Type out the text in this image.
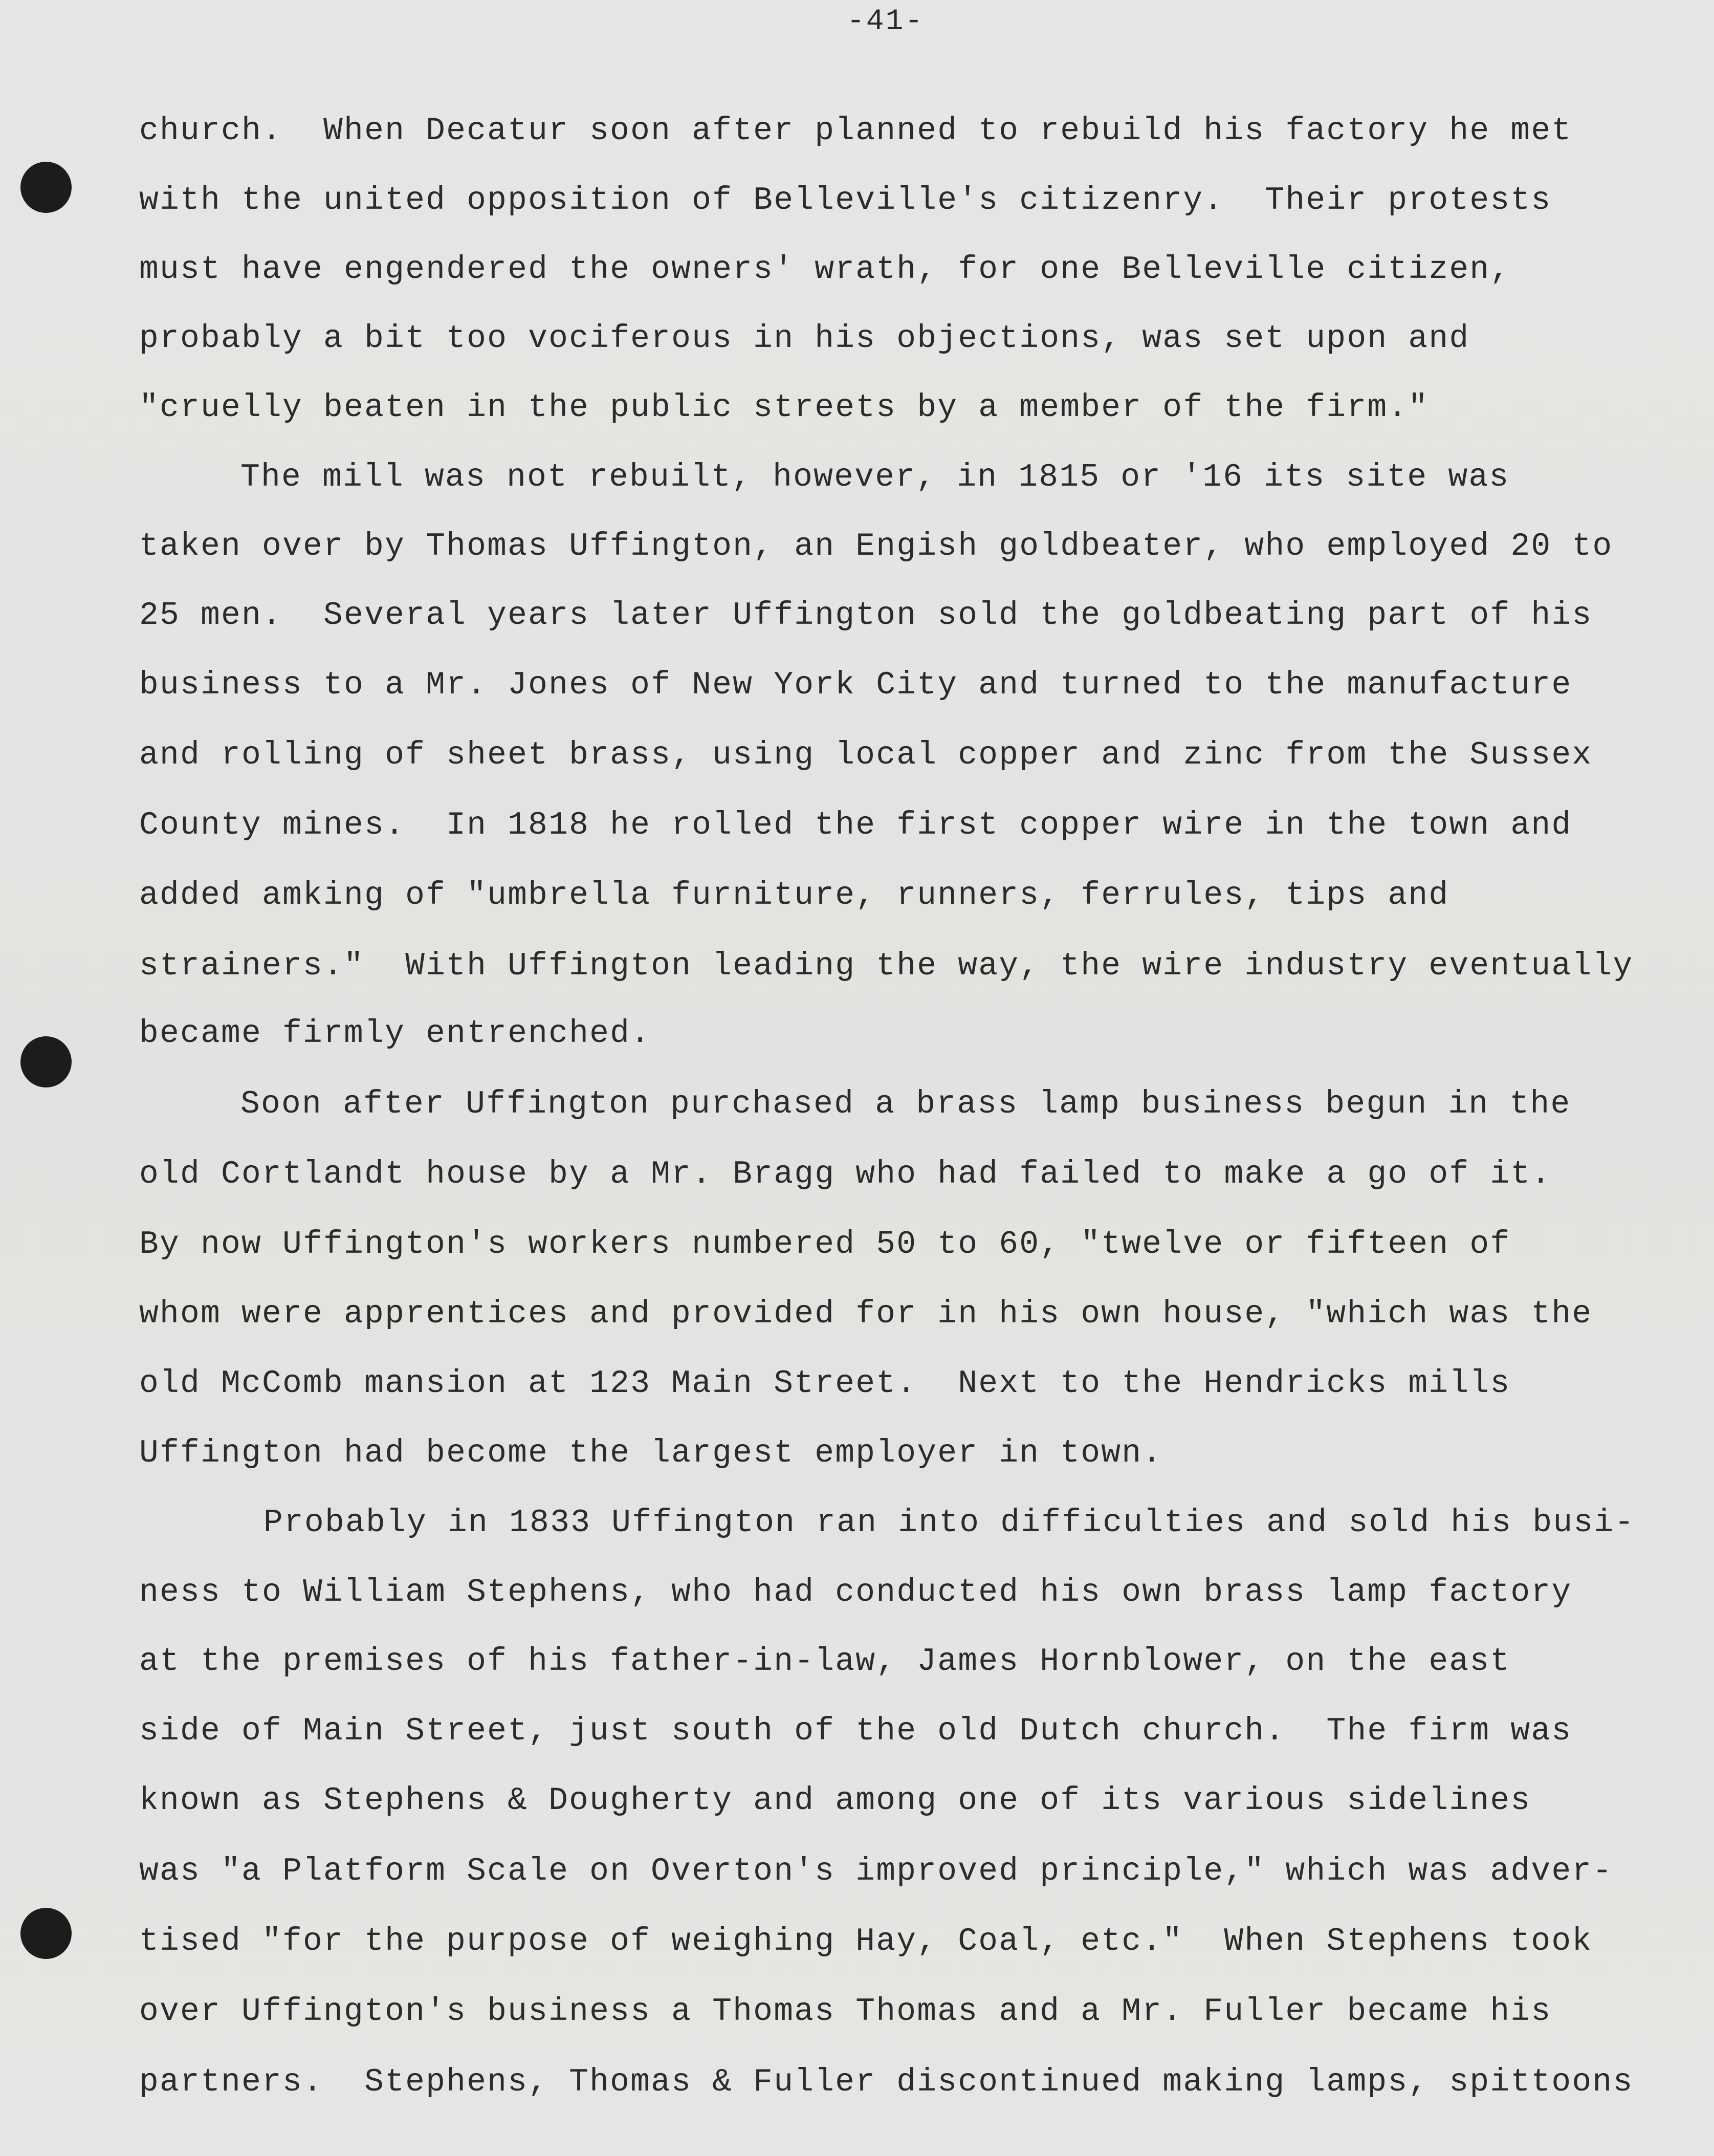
-41-
church.  When Decatur soon after planned to rebuild his factory he met
with the united opposition of Belleville's citizenry.  Their protests
must have engendered the owners' wrath, for one Belleville citizen,
probably a bit too vociferous in his objections, was set upon and
"cruelly beaten in the public streets by a member of the firm."
The mill was not rebuilt, however, in 1815 or '16 its site was
taken over by Thomas Uffington, an Engish goldbeater, who employed 20 to
25 men.  Several years later Uffington sold the goldbeating part of his
business to a Mr. Jones of New York City and turned to the manufacture
and rolling of sheet brass, using local copper and zinc from the Sussex
County mines.  In 1818 he rolled the first copper wire in the town and
added amking of "umbrella furniture, runners, ferrules, tips and
strainers."  With Uffington leading the way, the wire industry eventually
became firmly entrenched.
Soon after Uffington purchased a brass lamp business begun in the
old Cortlandt house by a Mr. Bragg who had failed to make a go of it.
By now Uffington's workers numbered 50 to 60, "twelve or fifteen of
whom were apprentices and provided for in his own house, "which was the
old McComb mansion at 123 Main Street.  Next to the Hendricks mills
Uffington had become the largest employer in town.
Probably in 1833 Uffington ran into difficulties and sold his busi-
ness to William Stephens, who had conducted his own brass lamp factory
at the premises of his father-in-law, James Hornblower, on the east
side of Main Street, just south of the old Dutch church.  The firm was
known as Stephens & Dougherty and among one of its various sidelines
was "a Platform Scale on Overton's improved principle," which was adver-
tised "for the purpose of weighing Hay, Coal, etc."  When Stephens took
over Uffington's business a Thomas Thomas and a Mr. Fuller became his
partners.  Stephens, Thomas & Fuller discontinued making lamps, spittoons
